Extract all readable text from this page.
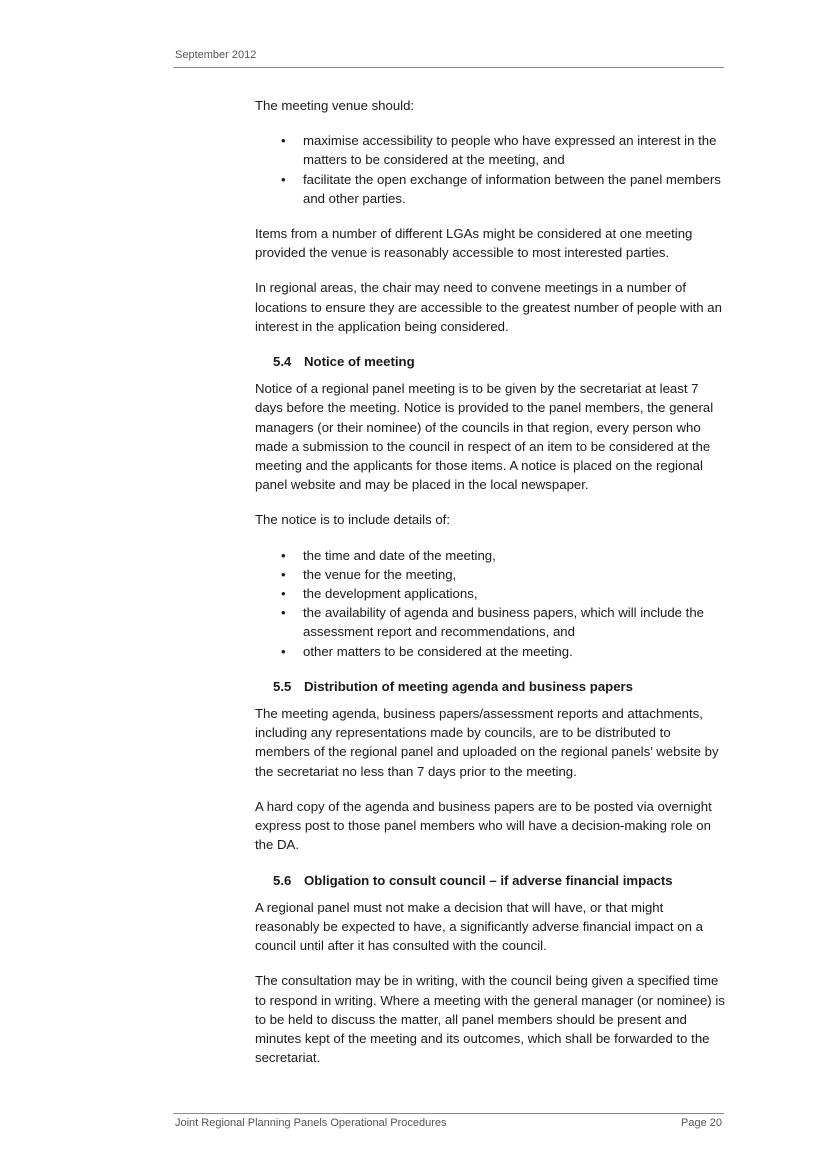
September 2012

The meeting venue should:

• maximise accessibility to people who have expressed an interest in the matters to be considered at the meeting, and
• facilitate the open exchange of information between the panel members and other parties.

Items from a number of different LGAs might be considered at one meeting provided the venue is reasonably accessible to most interested parties.

In regional areas, the chair may need to convene meetings in a number of locations to ensure they are accessible to the greatest number of people with an interest in the application being considered.

5.4 Notice of meeting

Notice of a regional panel meeting is to be given by the secretariat at least 7 days before the meeting. Notice is provided to the panel members, the general managers (or their nominee) of the councils in that region, every person who made a submission to the council in respect of an item to be considered at the meeting and the applicants for those items. A notice is placed on the regional panel website and may be placed in the local newspaper.

The notice is to include details of:

• the time and date of the meeting,
• the venue for the meeting,
• the development applications,
• the availability of agenda and business papers, which will include the assessment report and recommendations, and
• other matters to be considered at the meeting.
5.5 Distribution of meeting agenda and business papers

The meeting agenda, business papers/assessment reports and attachments, including any representations made by councils, are to be distributed to members of the regional panel and uploaded on the regional panels’ website by the secretariat no less than 7 days prior to the meeting.

A hard copy of the agenda and business papers are to be posted via overnight express post to those panel members who will have a decision-making role on the DA.

5.6 Obligation to consult council – if adverse financial impacts

A regional panel must not make a decision that will have, or that might reasonably be expected to have, a significantly adverse financial impact on a council until after it has consulted with the council.

The consultation may be in writing, with the council being given a specified time to respond in writing. Where a meeting with the general manager (or nominee) is to be held to discuss the matter, all panel members should be present and minutes kept of the meeting and its outcomes, which shall be forwarded to the secretariat.

Joint Regional Planning Panels Operational Procedures	Page 20
